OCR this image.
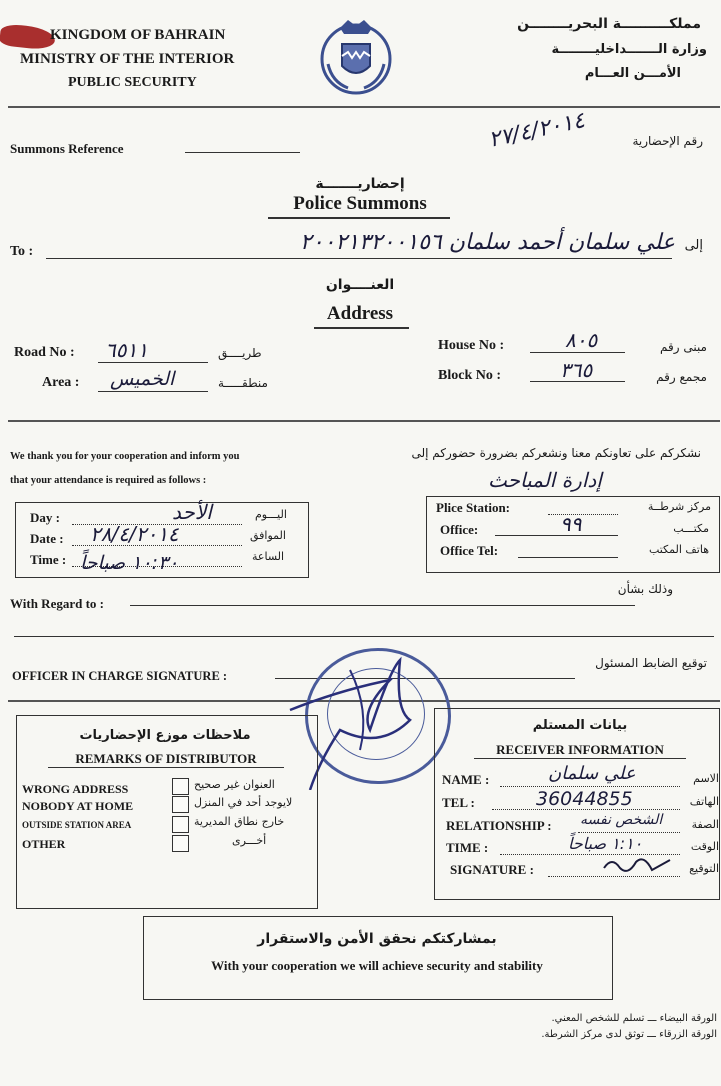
KINGDOM OF BAHRAIN
MINISTRY OF THE INTERIOR
PUBLIC SECURITY
مملكــــــــــة البحريــــــــن
وزارة الـــــــداخليــــــــة
الأمـــن العـــام
Summons Reference	٢٧/٤/٢٠١٤	رقم الإحضارية
إحضاريـــــــة
Police Summons
To :	علي سلمان أحمد سلمان ٢٠٠٢١٣٢٠٠١٥٦ إلى
العنــــوان
Address
Road No : ٦٥١١	طريــــق
Area : الخميس	منطقـــــة
House No :	٨٠٥	مبنى رقم
Block No :	٣٦٥	مجمع رقم
We thank you for your cooperation and inform you
that your attendance is required as follows :
نشكركم على تعاونكم معنا ونشعركم بضرورة حضوركم إلى
إدارة المباحث
Day :	الأحد	اليـــوم
Date : ٢٨/٤/٢٠١٤	الموافق
Time : ١٠:٣٠ صباحاً	الساعة
Plice Station:	مركز شرطــة
Office:	٩٩	مكتـــب
Office Tel:	هاتف المكتب
With Regard to :
وذلك بشأن
OFFICER IN CHARGE SIGNATURE :
توقيع الضابط المسئول
ملاحظات موزع الإحضاريات
REMARKS OF DISTRIBUTOR
WRONG ADDRESS	العنوان غير صحيح
NOBODY AT HOME	لايوجد أحد في المنزل
OUTSIDE STATION AREA	خارج نطاق المديرية
OTHER	أخـــرى
بيانات المستلم
RECEIVER INFORMATION
NAME :	علي سلمان	الاسم
TEL :	36044855	الهاتف
RELATIONSHIP : الشخص نفسه	الصفة
TIME :	١:١٠ صباحاً	الوقت
SIGNATURE :	التوقيع
بمشاركتكم نحقق الأمن والاستقرار
With your cooperation we will achieve security and stability
الورقة البيضاء ـــ تسلم للشخص المعني.
الورقة الزرقاء ـــ توثق لدى مركز الشرطة.
